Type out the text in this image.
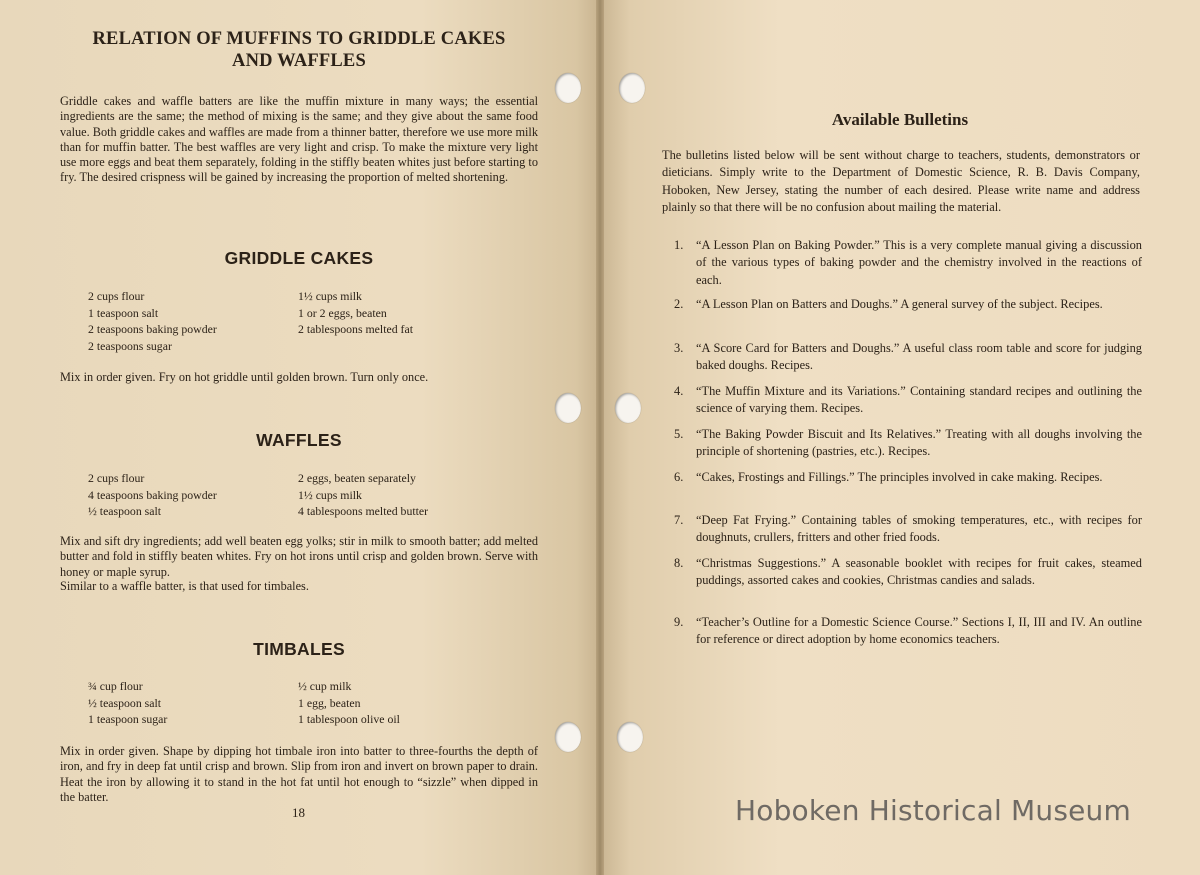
RELATION OF MUFFINS TO GRIDDLE CAKES
AND WAFFLES

Griddle cakes and waffle batters are like the muffin mixture in many ways; the essential ingredients are the same; the method of mixing is the same; and they give about the same food value. Both griddle cakes and waffles are made from a thinner batter, therefore we use more milk than for muffin batter. The best waffles are very light and crisp. To make the mixture very light use more eggs and beat them separately, folding in the stiffly beaten whites just before starting to fry. The desired crispness will be gained by increasing the proportion of melted shortening.

GRIDDLE CAKES
2 cups flour
1 teaspoon salt
2 teaspoons baking powder
2 teaspoons sugar
1½ cups milk
1 or 2 eggs, beaten
2 tablespoons melted fat

Mix in order given. Fry on hot griddle until golden brown. Turn only once.

WAFFLES
2 cups flour
4 teaspoons baking powder
½ teaspoon salt
2 eggs, beaten separately
1½ cups milk
4 tablespoons melted butter

Mix and sift dry ingredients; add well beaten egg yolks; stir in milk to smooth batter; add melted butter and fold in stiffly beaten whites. Fry on hot irons until crisp and golden brown. Serve with honey or maple syrup.

Similar to a waffle batter, is that used for timbales.

TIMBALES
¾ cup flour
½ teaspoon salt
1 teaspoon sugar
½ cup milk
1 egg, beaten
1 tablespoon olive oil

Mix in order given. Shape by dipping hot timbale iron into batter to three-fourths the depth of iron, and fry in deep fat until crisp and brown. Slip from iron and invert on brown paper to drain. Heat the iron by allowing it to stand in the hot fat until hot enough to “sizzle” when dipped in the batter.

18
Available Bulletins

The bulletins listed below will be sent without charge to teachers, students, demonstrators or dieticians. Simply write to the Department of Domestic Science, R. B. Davis Company, Hoboken, New Jersey, stating the number of each desired. Please write name and address plainly so that there will be no confusion about mailing the material.

1. “A Lesson Plan on Baking Powder.” This is a very complete manual giving a discussion of the various types of baking powder and the chemistry involved in the reactions of each.
2. “A Lesson Plan on Batters and Doughs.” A general survey of the subject. Recipes.
3. “A Score Card for Batters and Doughs.” A useful class room table and score for judging baked doughs. Recipes.
4. “The Muffin Mixture and its Variations.” Containing standard recipes and outlining the science of varying them. Recipes.
5. “The Baking Powder Biscuit and Its Relatives.” Treating with all doughs involving the principle of shortening (pastries, etc.). Recipes.
6. “Cakes, Frostings and Fillings.” The principles involved in cake making. Recipes.
7. “Deep Fat Frying.” Containing tables of smoking temperatures, etc., with recipes for doughnuts, crullers, fritters and other fried foods.
8. “Christmas Suggestions.” A seasonable booklet with recipes for fruit cakes, steamed puddings, assorted cakes and cookies, Christmas candies and salads.
9. “Teacher’s Outline for a Domestic Science Course.” Sections I, II, III and IV. An outline for reference or direct adoption by home economics teachers.
Hoboken Historical Museum
